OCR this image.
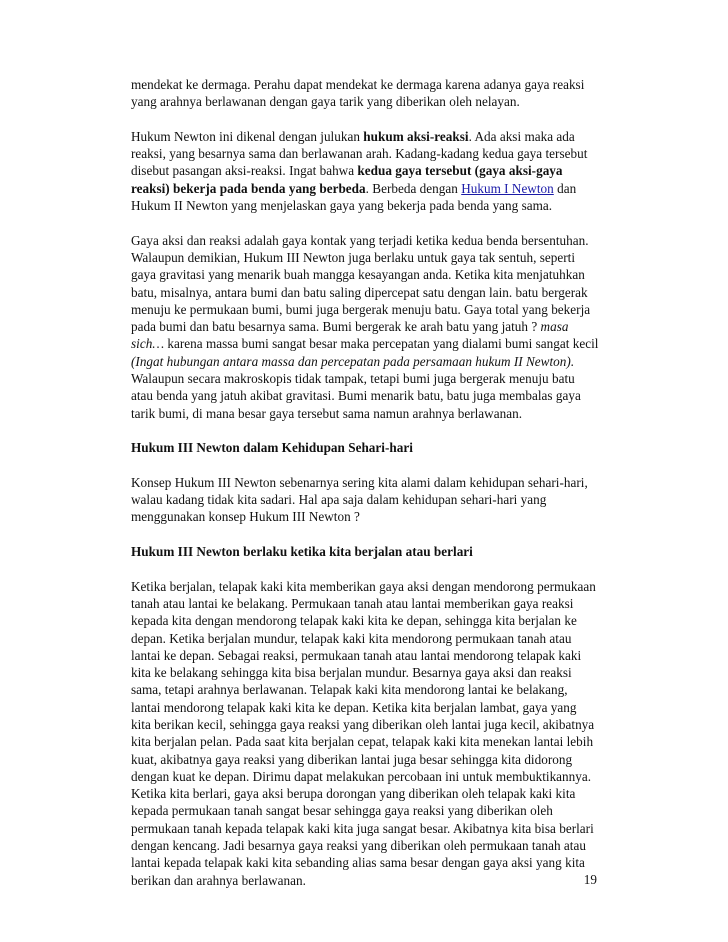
mendekat ke dermaga. Perahu dapat mendekat ke dermaga karena adanya gaya reaksi yang arahnya berlawanan dengan gaya tarik yang diberikan oleh nelayan.

Hukum Newton ini dikenal dengan julukan hukum aksi-reaksi. Ada aksi maka ada reaksi, yang besarnya sama dan berlawanan arah. Kadang-kadang kedua gaya tersebut disebut pasangan aksi-reaksi. Ingat bahwa kedua gaya tersebut (gaya aksi-gaya reaksi) bekerja pada benda yang berbeda. Berbeda dengan Hukum I Newton dan Hukum II Newton yang menjelaskan gaya yang bekerja pada benda yang sama.

Gaya aksi dan reaksi adalah gaya kontak yang terjadi ketika kedua benda bersentuhan. Walaupun demikian, Hukum III Newton juga berlaku untuk gaya tak sentuh, seperti gaya gravitasi yang menarik buah mangga kesayangan anda. Ketika kita menjatuhkan batu, misalnya, antara bumi dan batu saling dipercepat satu dengan lain. batu bergerak menuju ke permukaan bumi, bumi juga bergerak menuju batu. Gaya total yang bekerja pada bumi dan batu besarnya sama. Bumi bergerak ke arah batu yang jatuh ? masa sich… karena massa bumi sangat besar maka percepatan yang dialami bumi sangat kecil (Ingat hubungan antara massa dan percepatan pada persamaan hukum II Newton). Walaupun secara makroskopis tidak tampak, tetapi bumi juga bergerak menuju batu atau benda yang jatuh akibat gravitasi. Bumi menarik batu, batu juga membalas gaya tarik bumi, di mana besar gaya tersebut sama namun arahnya berlawanan.

Hukum III Newton dalam Kehidupan Sehari-hari

Konsep Hukum III Newton sebenarnya sering kita alami dalam kehidupan sehari-hari, walau kadang tidak kita sadari. Hal apa saja dalam kehidupan sehari-hari yang menggunakan konsep Hukum III Newton ?

Hukum III Newton berlaku ketika kita berjalan atau berlari

Ketika berjalan, telapak kaki kita memberikan gaya aksi dengan mendorong permukaan tanah atau lantai ke belakang. Permukaan tanah atau lantai memberikan gaya reaksi kepada kita dengan mendorong telapak kaki kita ke depan, sehingga kita berjalan ke depan. Ketika berjalan mundur, telapak kaki kita mendorong permukaan tanah atau lantai ke depan. Sebagai reaksi, permukaan tanah atau lantai mendorong telapak kaki kita ke belakang sehingga kita bisa berjalan mundur. Besarnya gaya aksi dan reaksi sama, tetapi arahnya berlawanan. Telapak kaki kita mendorong lantai ke belakang, lantai mendorong telapak kaki kita ke depan. Ketika kita berjalan lambat, gaya yang kita berikan kecil, sehingga gaya reaksi yang diberikan oleh lantai juga kecil, akibatnya kita berjalan pelan. Pada saat kita berjalan cepat, telapak kaki kita menekan lantai lebih kuat, akibatnya gaya reaksi yang diberikan lantai juga besar sehingga kita didorong dengan kuat ke depan. Dirimu dapat melakukan percobaan ini untuk membuktikannya. Ketika kita berlari, gaya aksi berupa dorongan yang diberikan oleh telapak kaki kita kepada permukaan tanah sangat besar sehingga gaya reaksi yang diberikan oleh permukaan tanah kepada telapak kaki kita juga sangat besar. Akibatnya kita bisa berlari dengan kencang. Jadi besarnya gaya reaksi yang diberikan oleh permukaan tanah atau lantai kepada telapak kaki kita sebanding alias sama besar dengan gaya aksi yang kita berikan dan arahnya berlawanan.	19
